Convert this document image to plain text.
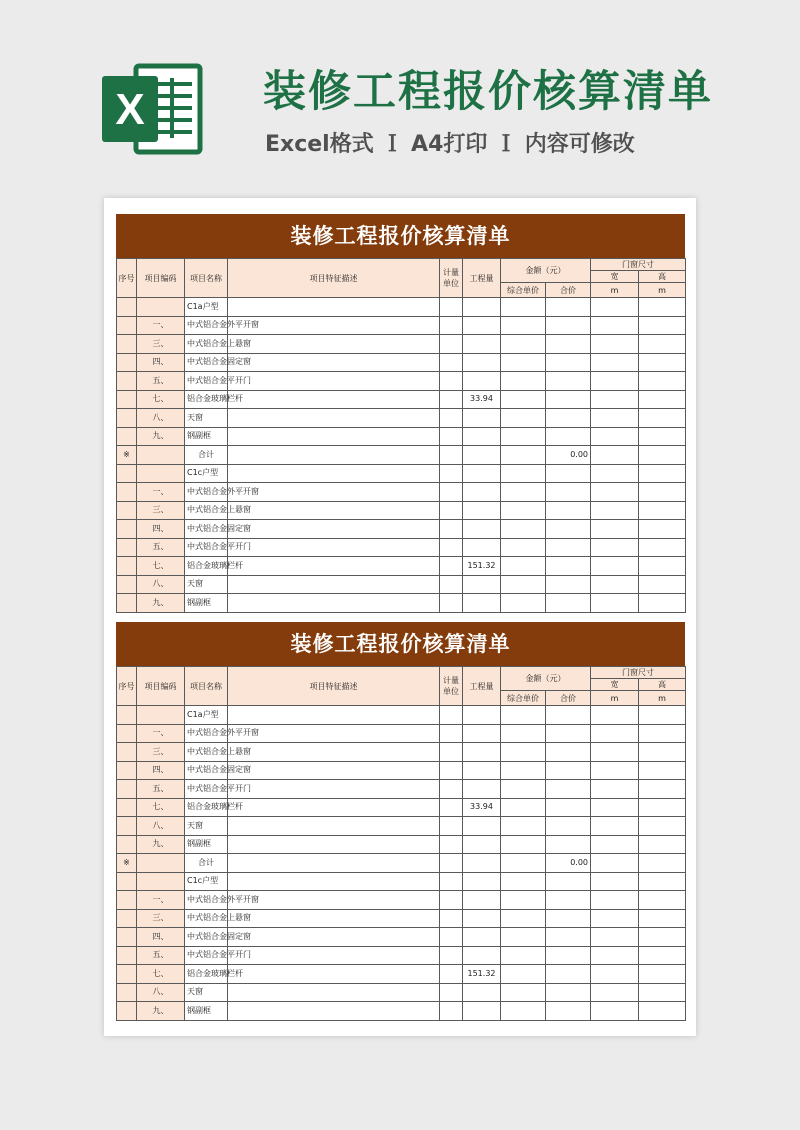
X	装修工程报价核算清单
Excel格式 Ｉ A4打印 Ｉ 内容可修改
装修工程报价核算清单
序号	项目编码	项目名称	项目特征描述	计量单位	工程量	金额（元）		门窗尺寸	
								宽	高
						综合单价	合价	m	m
		C1a户型							
	一、	中式铝合金外平开窗							
	三、	中式铝合金上悬窗							
	四、	中式铝合金固定窗							
	五、	中式铝合金平开门							
	七、	铝合金玻璃栏杆			33.94				
	八、	天窗							
	九、	钢副框							
※		合计					0.00		
		C1c户型							
	一、	中式铝合金外平开窗							
	三、	中式铝合金上悬窗							
	四、	中式铝合金固定窗							
	五、	中式铝合金平开门							
	七、	铝合金玻璃栏杆			151.32				
	八、	天窗							
	九、	钢副框							
装修工程报价核算清单
序号	项目编码	项目名称	项目特征描述	计量单位	工程量	金额（元）		门窗尺寸	
								宽	高
						综合单价	合价	m	m
		C1a户型							
	一、	中式铝合金外平开窗							
	三、	中式铝合金上悬窗							
	四、	中式铝合金固定窗							
	五、	中式铝合金平开门							
	七、	铝合金玻璃栏杆			33.94				
	八、	天窗							
	九、	钢副框							
※		合计					0.00		
		C1c户型							
	一、	中式铝合金外平开窗							
	三、	中式铝合金上悬窗							
	四、	中式铝合金固定窗							
	五、	中式铝合金平开门							
	七、	铝合金玻璃栏杆			151.32				
	八、	天窗							
	九、	钢副框							
